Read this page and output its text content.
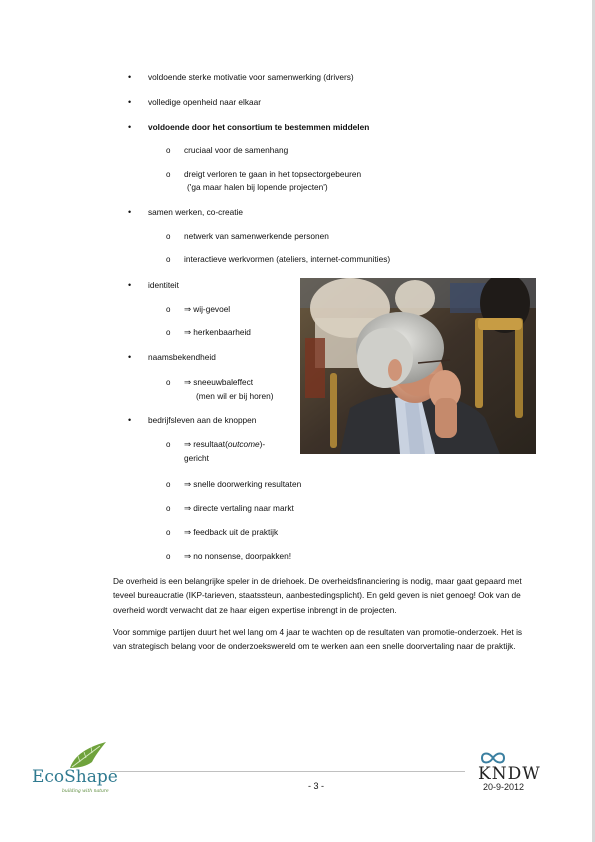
• voldoende sterke motivatie voor samenwerking (drivers)
• volledige openheid naar elkaar
• voldoende door het consortium te bestemmen middelen
o cruciaal voor de samenhang
o dreigt verloren te gaan in het topsectorgebeuren
('ga maar halen bij lopende projecten')
• samen werken, co-creatie
o netwerk van samenwerkende personen
o interactieve werkvormen (ateliers, internet-communities)
• identiteit
o ⇒ wij-gevoel
o ⇒ herkenbaarheid
• naamsbekendheid
o ⇒ sneeuwbaleffect
(men wil er bij horen)
• bedrijfsleven aan de knoppen
o ⇒ resultaat(outcome)-
gericht
o ⇒ snelle doorwerking resultaten
o ⇒ directe vertaling naar markt
o ⇒ feedback uit de praktijk
o ⇒ no nonsense, doorpakken!
De overheid is een belangrijke speler in de driehoek. De overheidsfinanciering is nodig, maar gaat gepaard met teveel bureaucratie (IKP-tarieven, staatssteun, aanbestedingsplicht). En geld geven is niet genoeg! Ook van de overheid wordt verwacht dat ze haar eigen expertise inbrengt in de projecten.
Voor sommige partijen duurt het wel lang om 4 jaar te wachten op de resultaten van promotie-onderzoek. Het is van strategisch belang voor de onderzoekswereld om te werken aan een snelle doorvertaling naar de praktijk.
EcoShape
building with nature
- 3 -
KNDW
20-9-2012
